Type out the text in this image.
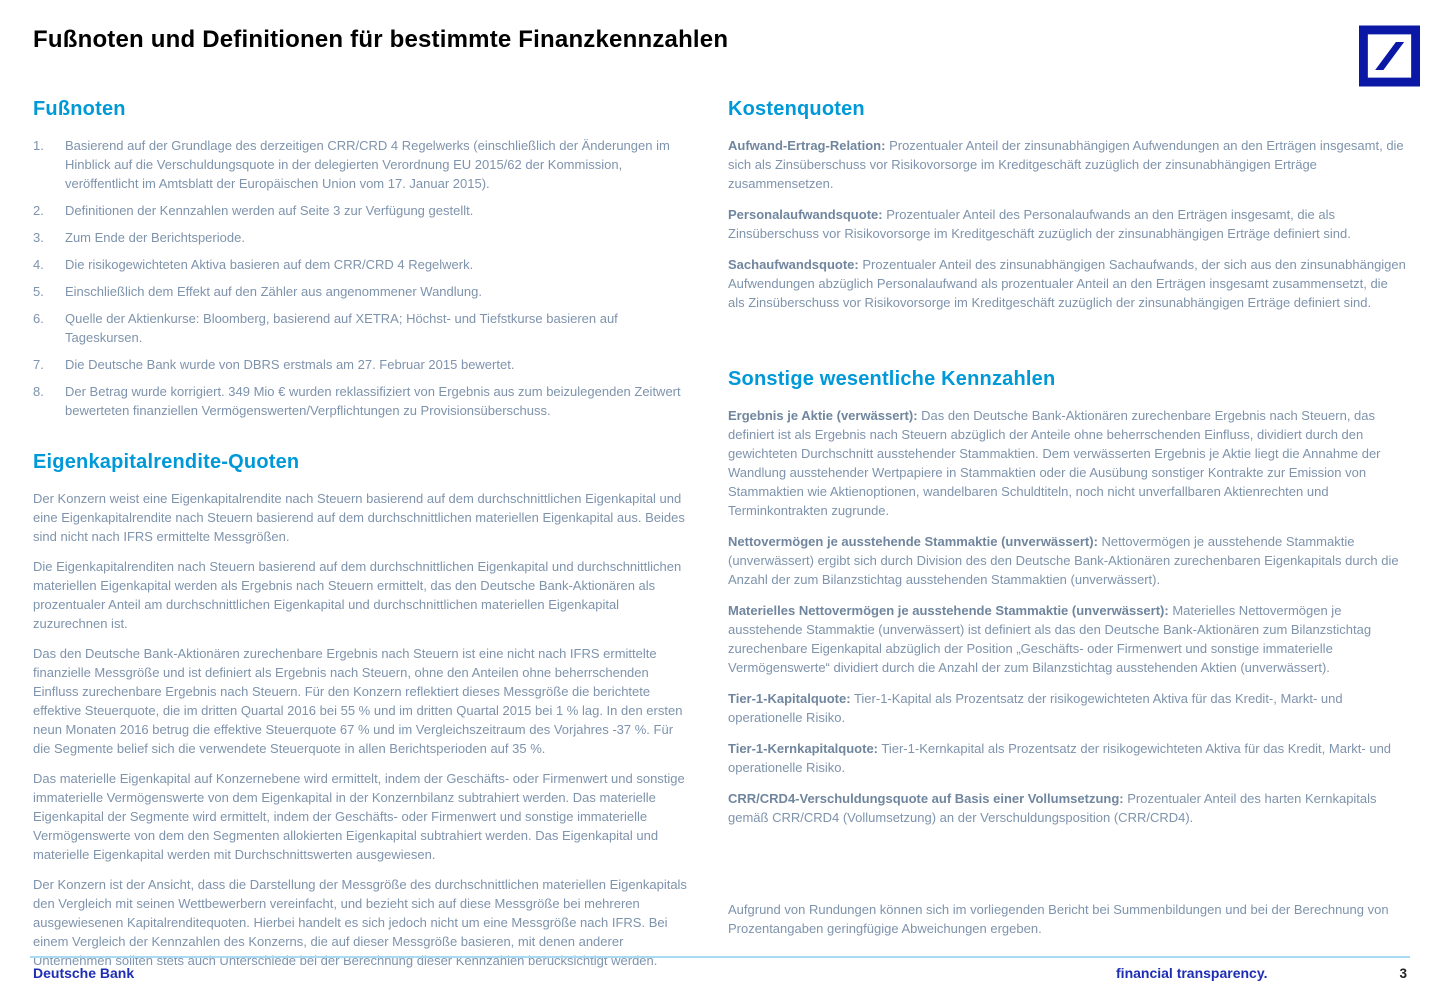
Fußnoten und Definitionen für bestimmte Finanzkennzahlen
Fußnoten
1.	Basierend auf der Grundlage des derzeitigen CRR/CRD 4 Regelwerks (einschließlich der Änderungen im Hinblick auf die Verschuldungsquote in der delegierten Verordnung EU 2015/62 der Kommission, veröffentlicht im Amtsblatt der Europäischen Union vom 17. Januar 2015).
2.	Definitionen der Kennzahlen werden auf Seite 3 zur Verfügung gestellt.
3.	Zum Ende der Berichtsperiode.
4.	Die risikogewichteten Aktiva basieren auf dem CRR/CRD 4 Regelwerk.
5.	Einschließlich dem Effekt auf den Zähler aus angenommener Wandlung.
6.	Quelle der Aktienkurse: Bloomberg, basierend auf XETRA; Höchst- und Tiefstkurse basieren auf Tageskursen.
7.	Die Deutsche Bank wurde von DBRS erstmals am 27. Februar 2015 bewertet.
8.	Der Betrag wurde korrigiert. 349 Mio € wurden reklassifiziert von Ergebnis aus zum beizulegenden Zeitwert bewerteten finanziellen Vermögenswerten/Verpflichtungen zu Provisionsüberschuss.
Eigenkapitalrendite-Quoten

Der Konzern weist eine Eigenkapitalrendite nach Steuern basierend auf dem durchschnittlichen Eigenkapital und eine Eigenkapitalrendite nach Steuern basierend auf dem durchschnittlichen materiellen Eigenkapital aus. Beides sind nicht nach IFRS ermittelte Messgrößen.

Die Eigenkapitalrenditen nach Steuern basierend auf dem durchschnittlichen Eigenkapital und durchschnittlichen materiellen Eigenkapital werden als Ergebnis nach Steuern ermittelt, das den Deutsche Bank-Aktionären als prozentualer Anteil am durchschnittlichen Eigenkapital und durchschnittlichen materiellen Eigenkapital zuzurechnen ist.

Das den Deutsche Bank-Aktionären zurechenbare Ergebnis nach Steuern ist eine nicht nach IFRS ermittelte finanzielle Messgröße und ist definiert als Ergebnis nach Steuern, ohne den Anteilen ohne beherrschenden Einfluss zurechenbare Ergebnis nach Steuern. Für den Konzern reflektiert dieses Messgröße die berichtete effektive Steuerquote, die im dritten Quartal 2016 bei 55 % und im dritten Quartal 2015 bei 1 % lag. In den ersten neun Monaten 2016 betrug die effektive Steuerquote 67 % und im Vergleichszeitraum des Vorjahres -37 %. Für die Segmente belief sich die verwendete Steuerquote in allen Berichtsperioden auf 35 %.

Das materielle Eigenkapital auf Konzernebene wird ermittelt, indem der Geschäfts- oder Firmenwert und sonstige immaterielle Vermögenswerte von dem Eigenkapital in der Konzernbilanz subtrahiert werden. Das materielle Eigenkapital der Segmente wird ermittelt, indem der Geschäfts- oder Firmenwert und sonstige immaterielle Vermögenswerte von dem den Segmenten allokierten Eigenkapital subtrahiert werden. Das Eigenkapital und materielle Eigenkapital werden mit Durchschnittswerten ausgewiesen.

Der Konzern ist der Ansicht, dass die Darstellung der Messgröße des durchschnittlichen materiellen Eigenkapitals den Vergleich mit seinen Wettbewerbern vereinfacht, und bezieht sich auf diese Messgröße bei mehreren ausgewiesenen Kapitalrenditequoten. Hierbei handelt es sich jedoch nicht um eine Messgröße nach IFRS. Bei einem Vergleich der Kennzahlen des Konzerns, die auf dieser Messgröße basieren, mit denen anderer Unternehmen sollten stets auch Unterschiede bei der Berechnung dieser Kennzahlen berücksichtigt werden.

Kostenquoten

Aufwand-Ertrag-Relation: Prozentualer Anteil der zinsunabhängigen Aufwendungen an den Erträgen insgesamt, die sich als Zinsüberschuss vor Risikovorsorge im Kreditgeschäft zuzüglich der zinsunabhängigen Erträge zusammensetzen.

Personalaufwandsquote: Prozentualer Anteil des Personalaufwands an den Erträgen insgesamt, die als Zinsüberschuss vor Risikovorsorge im Kreditgeschäft zuzüglich der zinsunabhängigen Erträge definiert sind.

Sachaufwandsquote: Prozentualer Anteil des zinsunabhängigen Sachaufwands, der sich aus den zinsunabhängigen Aufwendungen abzüglich Personalaufwand als prozentualer Anteil an den Erträgen insgesamt zusammensetzt, die als Zinsüberschuss vor Risikovorsorge im Kreditgeschäft zuzüglich der zinsunabhängigen Erträge definiert sind.

Sonstige wesentliche Kennzahlen

Ergebnis je Aktie (verwässert): Das den Deutsche Bank-Aktionären zurechenbare Ergebnis nach Steuern, das definiert ist als Ergebnis nach Steuern abzüglich der Anteile ohne beherrschenden Einfluss, dividiert durch den gewichteten Durchschnitt ausstehender Stammaktien. Dem verwässerten Ergebnis je Aktie liegt die Annahme der Wandlung ausstehender Wertpapiere in Stammaktien oder die Ausübung sonstiger Kontrakte zur Emission von Stammaktien wie Aktienoptionen, wandelbaren Schuldtiteln, noch nicht unverfallbaren Aktienrechten und Terminkontrakten zugrunde.

Nettovermögen je ausstehende Stammaktie (unverwässert): Nettovermögen je ausstehende Stammaktie (unverwässert) ergibt sich durch Division des den Deutsche Bank-Aktionären zurechenbaren Eigenkapitals durch die Anzahl der zum Bilanzstichtag ausstehenden Stammaktien (unverwässert).

Materielles Nettovermögen je ausstehende Stammaktie (unverwässert): Materielles Nettovermögen je ausstehende Stammaktie (unverwässert) ist definiert als das den Deutsche Bank-Aktionären zum Bilanzstichtag zurechenbare Eigenkapital abzüglich der Position „Geschäfts- oder Firmenwert und sonstige immaterielle Vermögenswerte“ dividiert durch die Anzahl der zum Bilanzstichtag ausstehenden Aktien (unverwässert).

Tier-1-Kapitalquote: Tier-1-Kapital als Prozentsatz der risikogewichteten Aktiva für das Kredit-, Markt- und operationelle Risiko.

Tier-1-Kernkapitalquote: Tier-1-Kernkapital als Prozentsatz der risikogewichteten Aktiva für das Kredit, Markt- und operationelle Risiko.

CRR/CRD4-Verschuldungsquote auf Basis einer Vollumsetzung: Prozentualer Anteil des harten Kernkapitals gemäß CRR/CRD4 (Vollumsetzung) an der Verschuldungsposition (CRR/CRD4).

Aufgrund von Rundungen können sich im vorliegenden Bericht bei Summenbildungen und bei der Berechnung von Prozentangaben geringfügige Abweichungen ergeben.

Deutsche Bank	financial transparency.	3
